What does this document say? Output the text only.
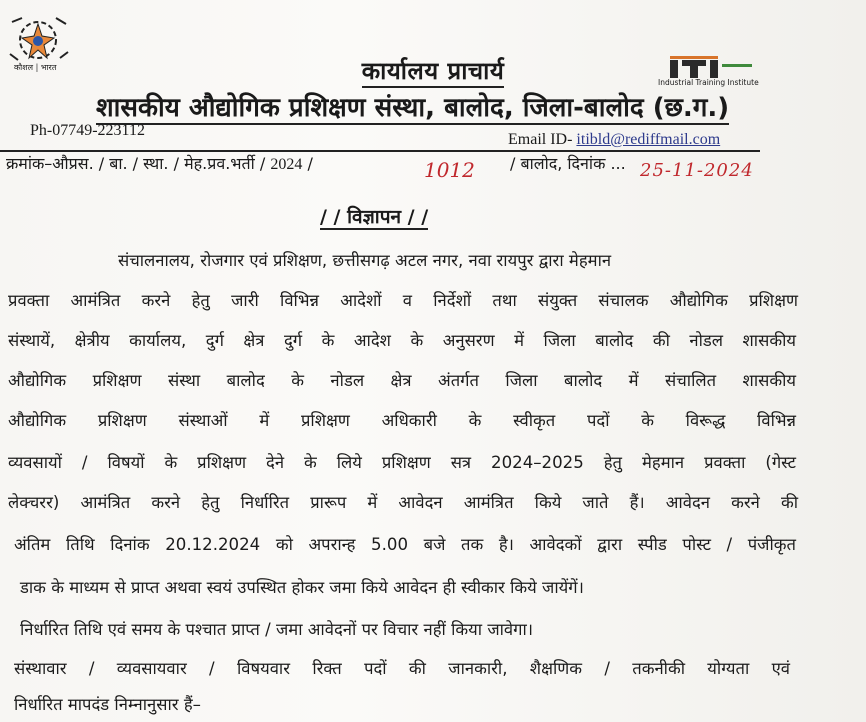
कौशल | भारत
Industrial Training Institute
कार्यालय प्राचार्य
शासकीय औद्योगिक प्रशिक्षण संस्था, बालोद, जिला-बालोद (छ.ग.)
Ph-07749-223112
Email ID- itibld@rediffmail.com
क्रमांक–औप्रस. / बा. / स्था. / मेह.प्रव.भर्ती / 2024 /	1012 / बालोद, दिनांक ... 25-11-2024
/ / विज्ञापन / /
संचालनालय, रोजगार एवं प्रशिक्षण, छत्तीसगढ़ अटल नगर, नवा रायपुर द्वारा मेहमान
प्रवक्ता आमंत्रित करने हेतु जारी विभिन्न आदेशों व निर्देशों तथा संयुक्त संचालक औद्योगिक प्रशिक्षण
संस्थायें, क्षेत्रीय कार्यालय, दुर्ग क्षेत्र दुर्ग के आदेश के अनुसरण में जिला बालोद की नोडल शासकीय
औद्योगिक प्रशिक्षण संस्था बालोद के नोडल क्षेत्र अंतर्गत जिला बालोद में संचालित शासकीय
औद्योगिक प्रशिक्षण संस्थाओं में प्रशिक्षण अधिकारी के स्वीकृत पदों के विरूद्ध विभिन्न
व्यवसायों / विषयों के प्रशिक्षण देने के लिये प्रशिक्षण सत्र 2024–2025 हेतु मेहमान प्रवक्ता (गेस्ट
लेक्चरर) आमंत्रित करने हेतु निर्धारित प्रारूप में आवेदन आमंत्रित किये जाते हैं। आवेदन करने की
अंतिम तिथि दिनांक 20.12.2024 को अपरान्ह 5.00 बजे तक है। आवेदकों द्वारा स्पीड पोस्ट / पंजीकृत
डाक के माध्यम से प्राप्त अथवा स्वयं उपस्थित होकर जमा किये आवेदन ही स्वीकार किये जायेंगें।
निर्धारित तिथि एवं समय के पश्चात प्राप्त / जमा आवेदनों पर विचार नहीं किया जावेगा।
संस्थावार / व्यवसायवार / विषयवार रिक्त पदों की जानकारी, शैक्षणिक / तकनीकी योग्यता एवं
निर्धारित मापदंड निम्नानुसार हैं–
